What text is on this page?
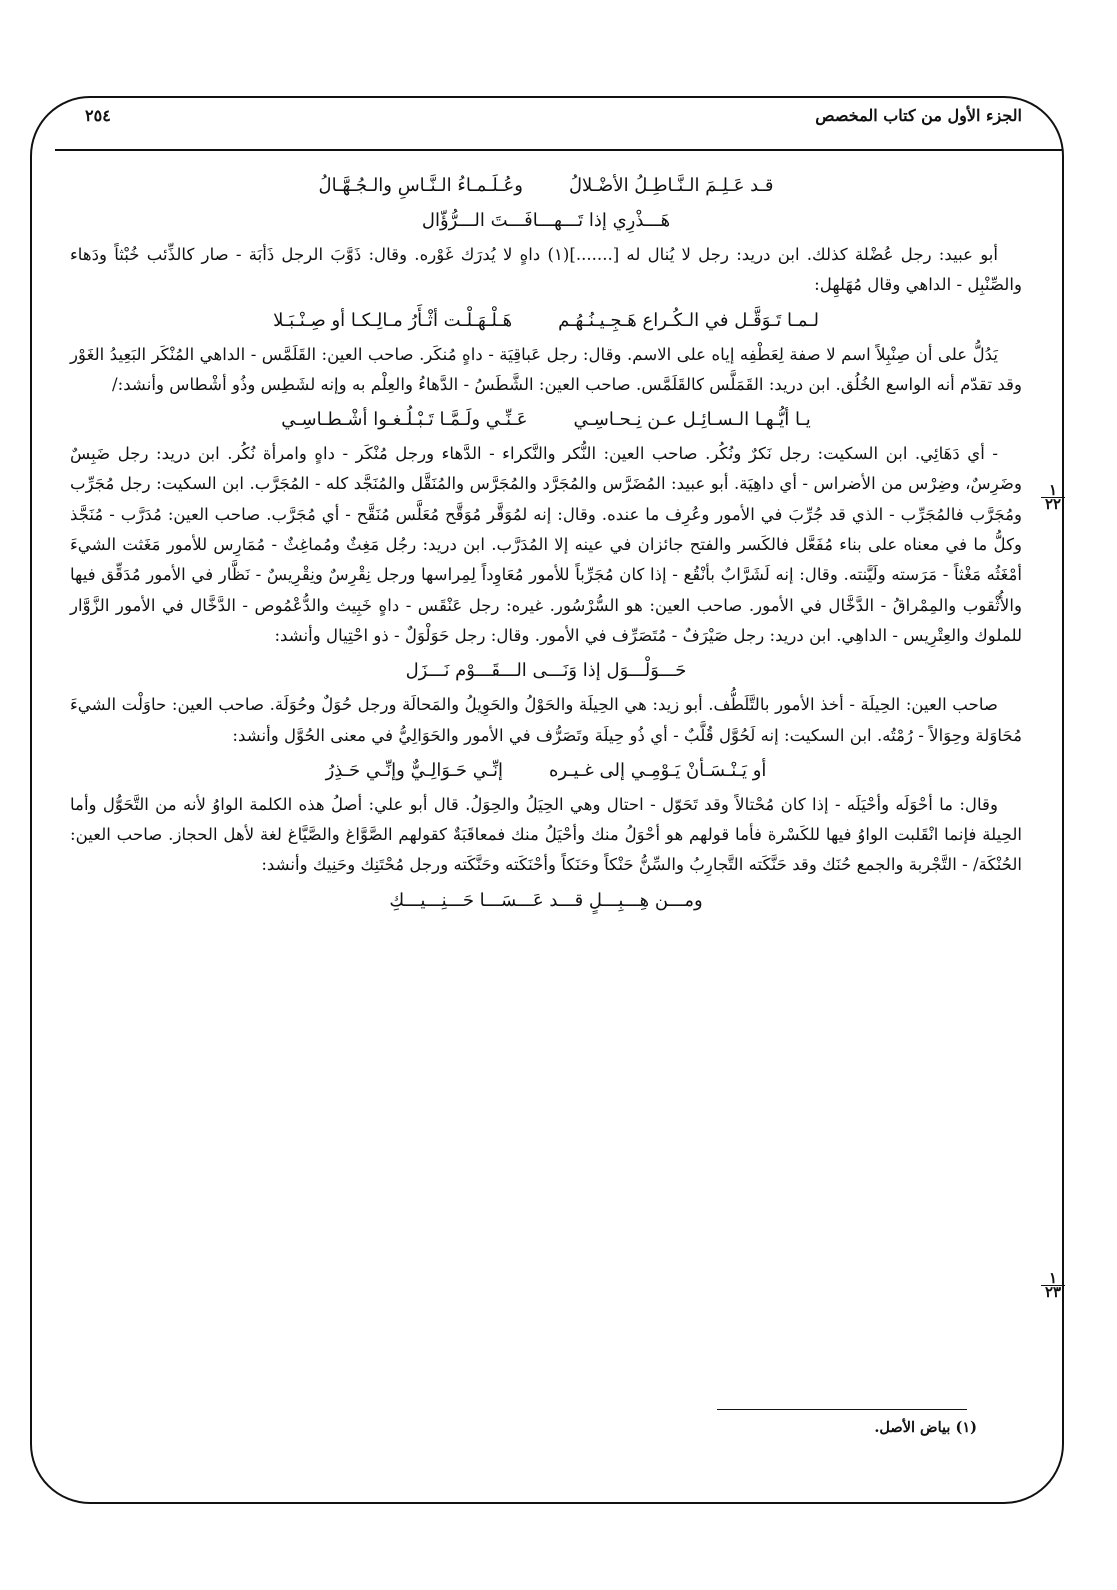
الجزء الأول من كتاب المخصص
٢٥٤
قـد عَـلِـمَ الـنَّـاطِـلُ الأضْـلالُ
وعُـلَـمـاءُ الـنَّـاسِ والـجُـهَّـالُ
هَـــذْرِي إذا تَـــهـــافَـــتَ الـــرُّؤّال

أبو عبيد: رجل عُضْلة كذلك. ابن دريد: رجل لا يُنال له [.......](١) داهٍ لا يُدرَك غَوْره. وقال: ذَوَّبَ الرجل ذَأبَة - صار كالذِّئب خُبْثاً ودَهاء والصِّنْبِل - الداهي وقال مُهَلهِل:

لـمـا تَـوَقَّـل في الـكُـراع هَـجِـيـنُـهُـم
هَـلْـهَـلْـت أثْـأَرُ مـالِـكـا أو صِـنْـبَـلا

يَدُلُّ على أن صِنْبِلاً اسم لا صفة لِعَطْفِه إياه على الاسم. وقال: رجل عَباقِيَة - داهٍ مُنكَر. صاحب العين: القَلَمَّس - الداهي المُنْكَر البَعِيدُ الغَوْر وقد تقدّم أنه الواسع الخُلُق. ابن دريد: القَمَلَّس كالقَلَمَّس. صاحب العين: الشَّطَسُ - الدَّهاءُ والعِلْم به وإنه لشَطِس وذُو أشْطاس وأنشد:/

يـا أيُّـهـا الـسـائِـل عـن نِـحـاسِـي
عَـنِّـي ولَـمَّـا تَـبْـلُـغـوا أشْـطـاسِـي

- أي دَهَائِي. ابن السكيت: رجل نَكرٌ ونُكُر. صاحب العين: النُّكر والنَّكراء - الدَّهاء ورجل مُنْكَر - داهٍ وامرأة نُكُر. ابن دريد: رجل ضَبِسٌ وضَرِسٌ، وضِرْس من الأضراس - أي داهِيَة. أبو عبيد: المُضَرَّس والمُجَرَّد والمُجَرَّس والمُنَقَّل والمُنَجَّد كله - المُجَرَّب. ابن السكيت: رجل مُجَرِّب ومُجَرَّب فالمُجَرِّب - الذي قد جُرِّبَ في الأمور وعُرِف ما عنده. وقال: إنه لمُوَقَّر مُوَقَّح مُعَلَّس مُنَقَّح - أي مُجَرَّب. صاحب العين: مُدَرَّب - مُنَجَّذ وكلُّ ما في معناه على بناء مُفَعَّل فالكَسر والفتح جائزان في عينه إلا المُدَرَّب. ابن دريد: رجُل مَغِثٌ ومُماغِثٌ - مُمَارِس للأمور مَغَثت الشيءَ أمْغَثُه مَغْثاً - مَرَسته ولَيَّنته. وقال: إنه لَشَرَّابٌ بأنْقُع - إذا كان مُجَرِّباً للأمور مُعَاوِداً لِمِراسها ورجل نِقْرِسٌ ونِقْرِيسٌ - نَظَّار في الأمور مُدَقِّق فيها والأُثْقوب والمِمْراقُ - الدَّخَّال في الأمور. صاحب العين: هو السُّرْسُور. غيره: رجل عَنْقَس - داهٍ خَبِيث والدُّعْمُوص - الدَّخَّال في الأمور الزَّوَّار للملوك والعِتْرِيس - الداهِي. ابن دريد: رجل صَيْرَفٌ - مُتَصَرِّف في الأمور. وقال: رجل حَوَلْوَلٌ - ذو احْتِيال وأنشد:

حَـــوَلْـــوَل إذا وَنَـــى الـــقَـــوْم نَـــزَل

صاحب العين: الحِيلَة - أخذ الأمور بالتَّلَطُّف. أبو زيد: هي الحِيلَة والحَوْلُ والحَوِيلُ والمَحالَة ورجل حُوَلٌ وحُوَلَة. صاحب العين: حاوَلْت الشيءَ مُحَاوَلة وحِوَالاً - رُمْتُه. ابن السكيت: إنه لَحُوَّل قُلَّبٌ - أي ذُو حِيلَة وتَصَرُّف في الأمور والحَوَالِيُّ في معنى الحُوَّل وأنشد:

أو يَـنْـسَـأنْ يَـوْمِـي إلى غـيـره
إنِّـي حَـوَالِـيٌّ وإنِّـي حَـذِرُ

وقال: ما أحْوَلَه وأحْيَلَه - إذا كان مُحْتالاً وقد تَحَوّل - احتال وهي الحِيَلُ والحِوَلُ. قال أبو علي: أصلُ هذه الكلمة الواوُ لأنه من التَّحَوُّل وأما الحِيلة فإنما انْقَلبت الواوُ فيها للكَسْرة فأما قولهم هو أحْوَلُ منك وأحْيَلُ منك فمعاقَبَةٌ كقولهم الصَّوَّاغ والصَّيَّاغ لغة لأهل الحجاز. صاحب العين: الحُنْكَة/ - التَّجْربة والجمع حُنَك وقد حَنَّكَته التَّجارِبُ والسِّنُّ حَنْكاً وحَنَكاً وأحْنَكَته وحَنَّكَته ورجل مُحْتَنِك وحَنِيك وأنشد:

ومـــن هِـــبِـــلٍ قـــد عَـــسَـــا حَـــنِـــيـــكِ
١
٢٢
١
٢٣
(١) بياض الأصل.
